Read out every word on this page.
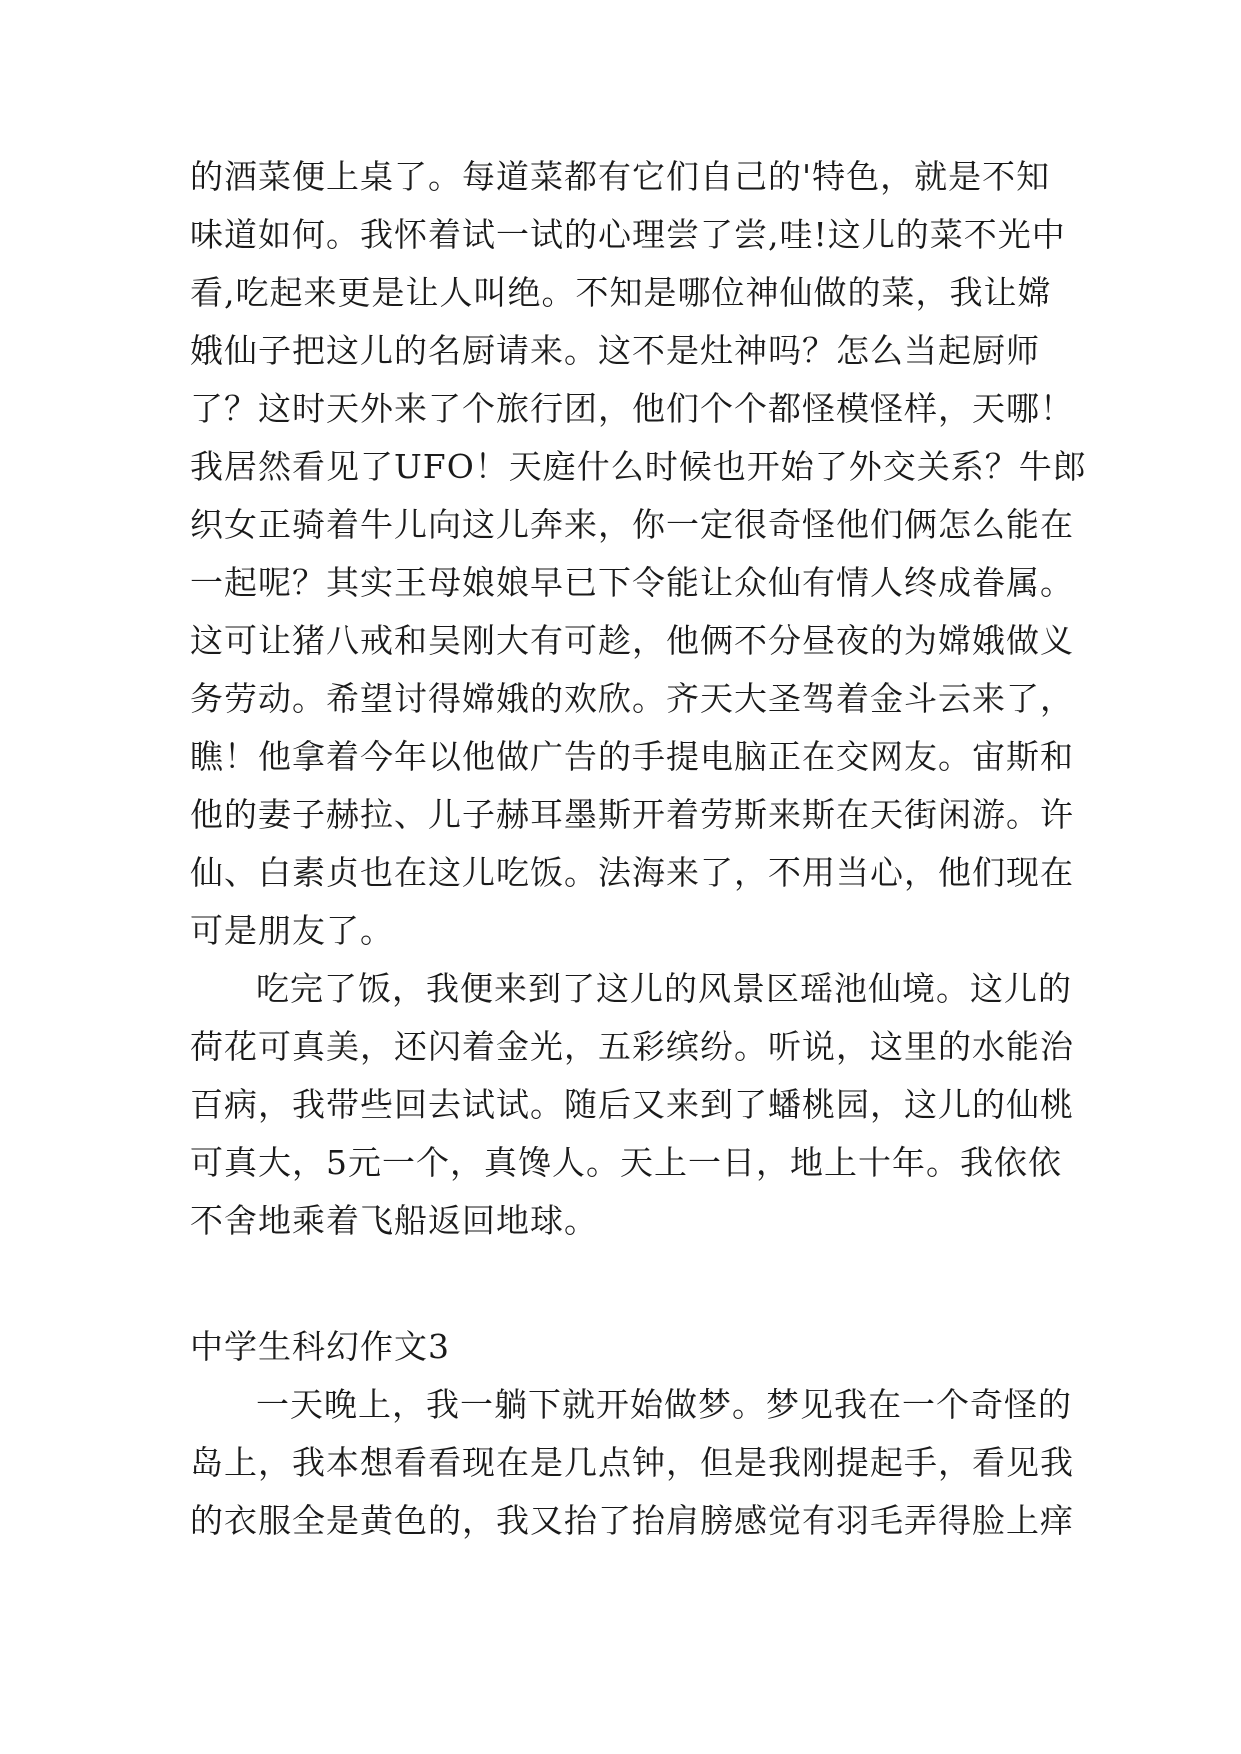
的酒菜便上桌了。每道菜都有它们自己的'特色，就是不知
味道如何。我怀着试一试的心理尝了尝,哇!这儿的菜不光中
看,吃起来更是让人叫绝。不知是哪位神仙做的菜，我让嫦
娥仙子把这儿的名厨请来。这不是灶神吗？怎么当起厨师
了？这时天外来了个旅行团，他们个个都怪模怪样，天哪！
我居然看见了UFO！天庭什么时候也开始了外交关系？牛郎
织女正骑着牛儿向这儿奔来，你一定很奇怪他们俩怎么能在
一起呢？其实王母娘娘早已下令能让众仙有情人终成眷属。
这可让猪八戒和吴刚大有可趁，他俩不分昼夜的为嫦娥做义
务劳动。希望讨得嫦娥的欢欣。齐天大圣驾着金斗云来了，
瞧！他拿着今年以他做广告的手提电脑正在交网友。宙斯和
他的妻子赫拉、儿子赫耳墨斯开着劳斯来斯在天街闲游。许
仙、白素贞也在这儿吃饭。法海来了，不用当心，他们现在
可是朋友了。
吃完了饭，我便来到了这儿的风景区瑶池仙境。这儿的
荷花可真美，还闪着金光，五彩缤纷。听说，这里的水能治
百病，我带些回去试试。随后又来到了蟠桃园，这儿的仙桃
可真大，5元一个，真馋人。天上一日，地上十年。我依依
不舍地乘着飞船返回地球。
中学生科幻作文3
一天晚上，我一躺下就开始做梦。梦见我在一个奇怪的
岛上，我本想看看现在是几点钟，但是我刚提起手，看见我
的衣服全是黄色的，我又抬了抬肩膀感觉有羽毛弄得脸上痒
